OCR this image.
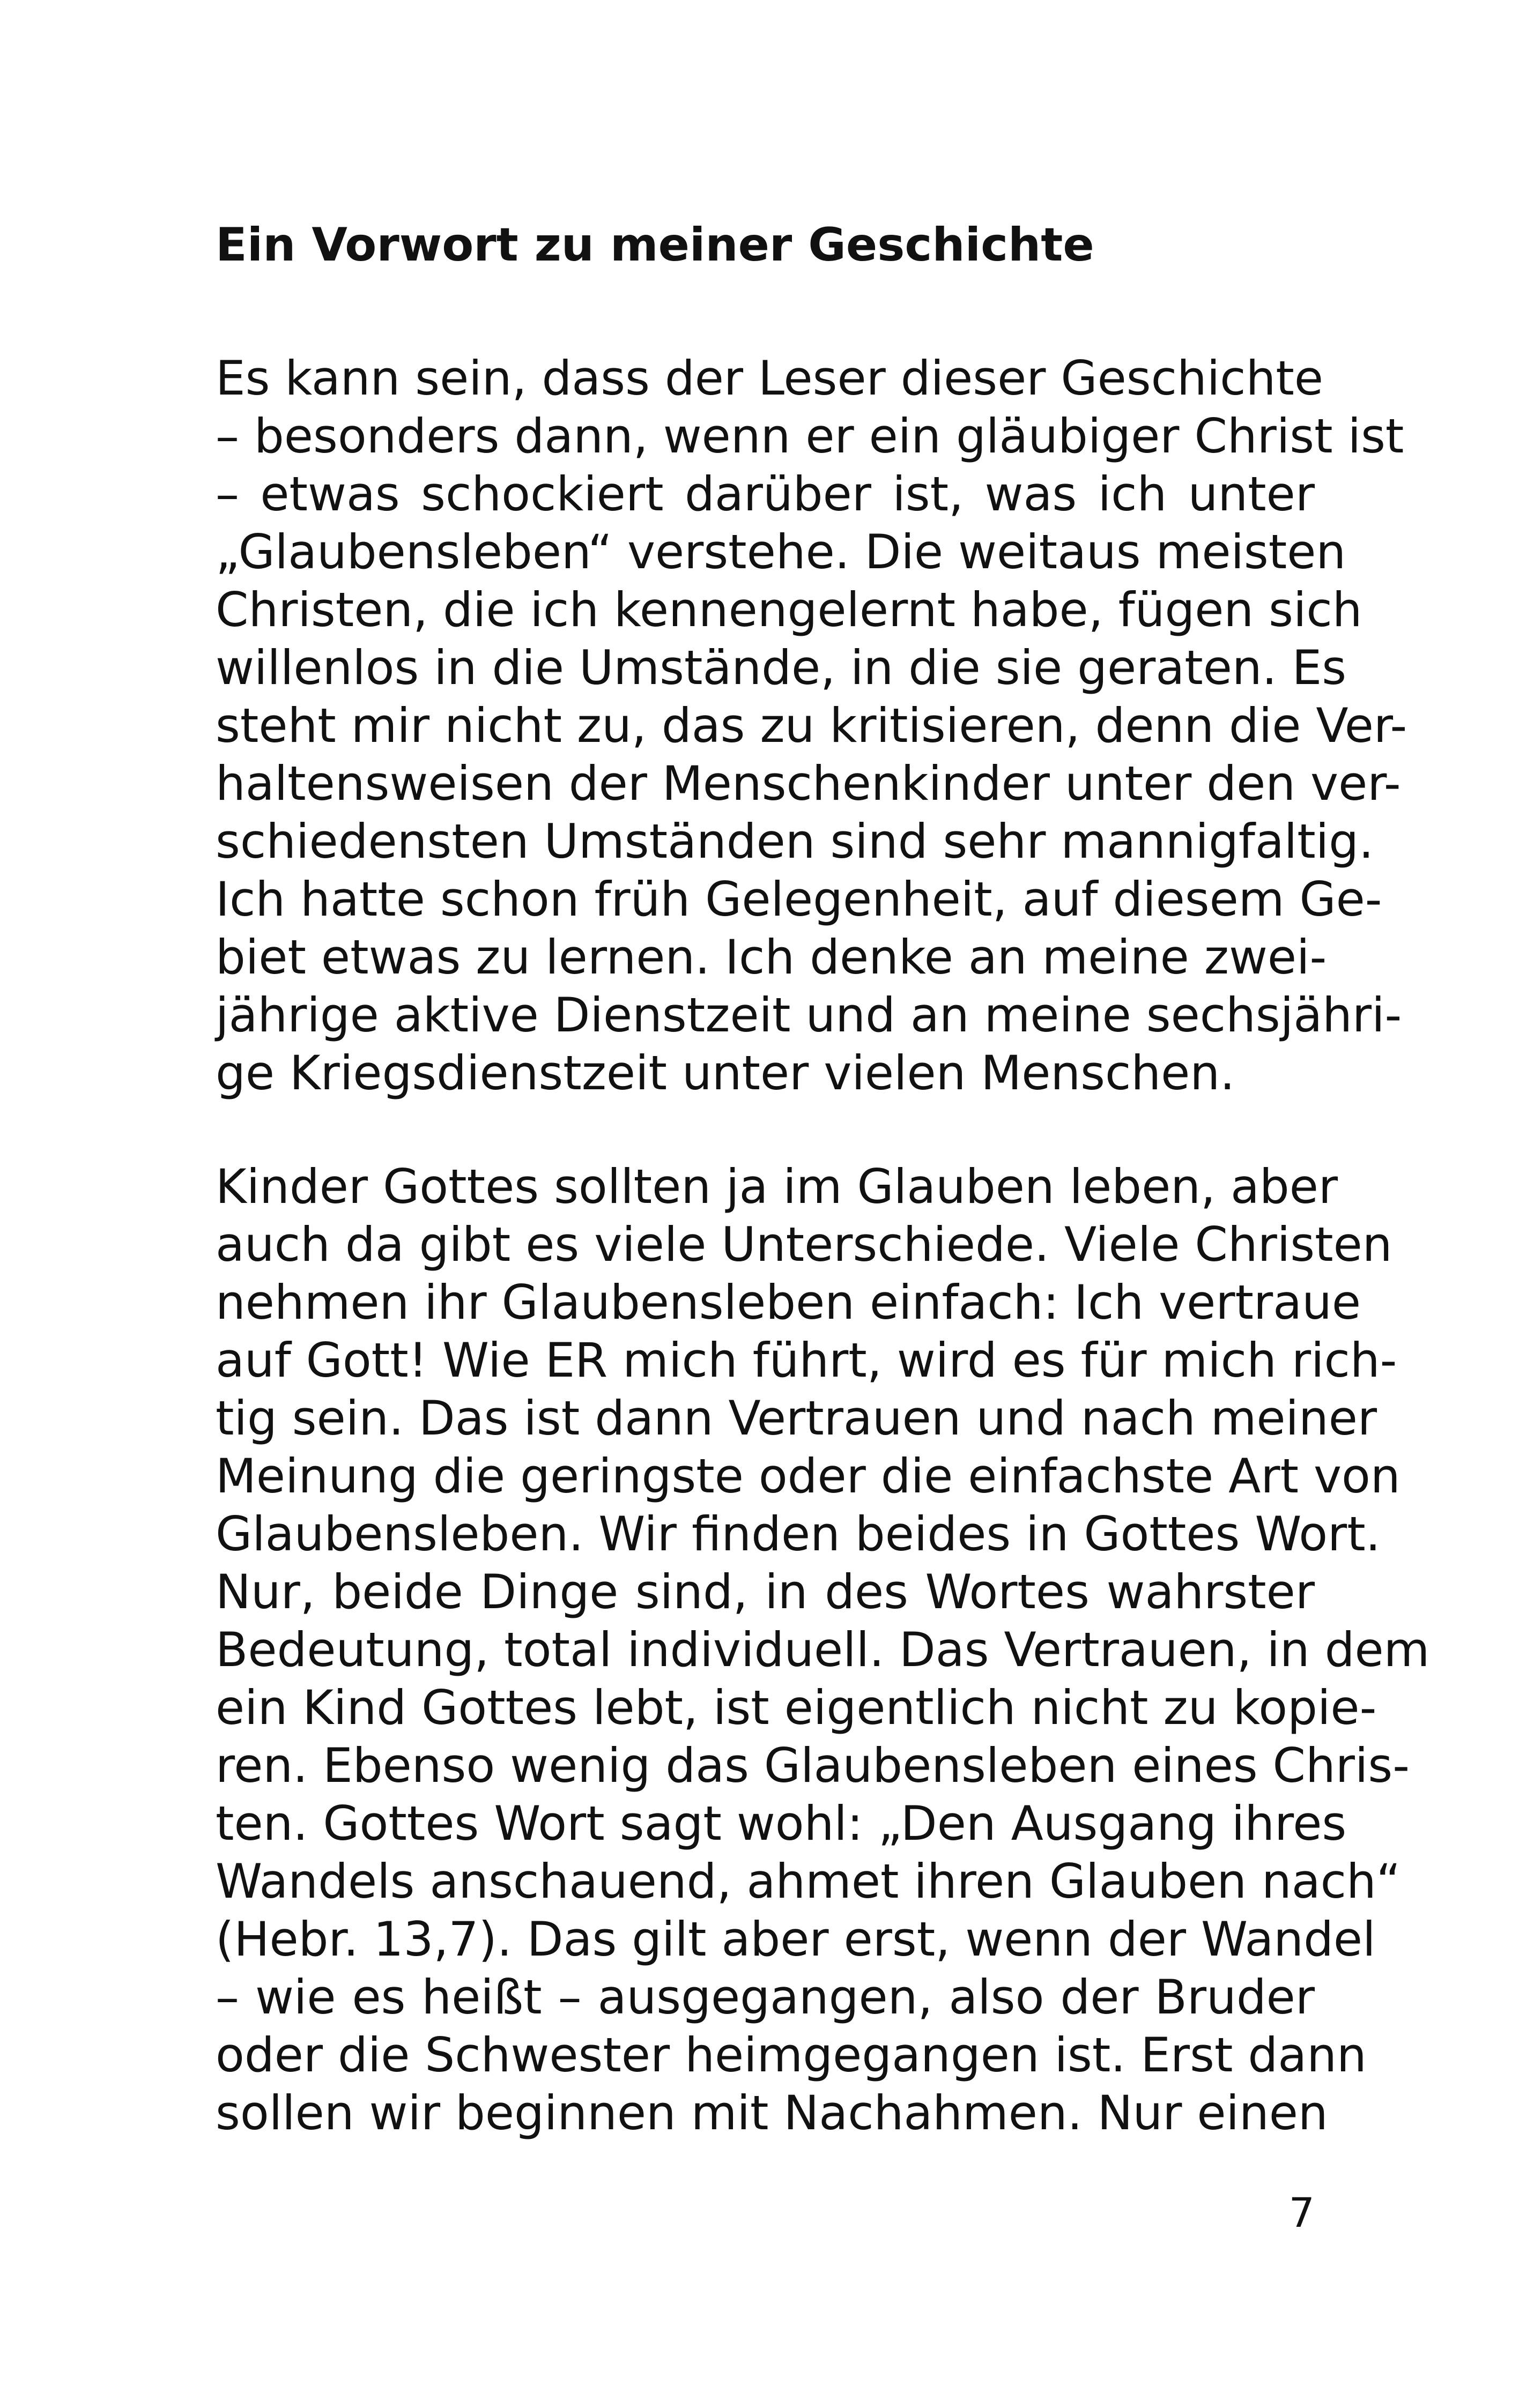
Ein Vorwort zu meiner Geschichte

Es kann sein, dass der Leser dieser Geschichte

– besonders dann, wenn er ein gläubiger Christ ist

– etwas schockiert darüber ist, was ich unter

„Glaubensleben“ verstehe. Die weitaus meisten

Christen, die ich kennengelernt habe, fügen sich

willenlos in die Umstände, in die sie geraten. Es

steht mir nicht zu, das zu kritisieren, denn die Ver-

haltensweisen der Menschenkinder unter den ver-

schiedensten Umständen sind sehr mannigfaltig.

Ich hatte schon früh Gelegenheit, auf diesem Ge-

biet etwas zu lernen. Ich denke an meine zwei-

jährige aktive Dienstzeit und an meine sechsjähri-

ge Kriegsdienstzeit unter vielen Menschen.

Kinder Gottes sollten ja im Glauben leben, aber

auch da gibt es viele Unterschiede. Viele Christen

nehmen ihr Glaubensleben einfach: Ich vertraue

auf Gott! Wie ER mich führt, wird es für mich rich-

tig sein. Das ist dann Vertrauen und nach meiner

Meinung die geringste oder die einfachste Art von

Glaubensleben. Wir finden beides in Gottes Wort.

Nur, beide Dinge sind, in des Wortes wahrster

Bedeutung, total individuell. Das Vertrauen, in dem

ein Kind Gottes lebt, ist eigentlich nicht zu kopie-

ren. Ebenso wenig das Glaubensleben eines Chris-

ten. Gottes Wort sagt wohl: „Den Ausgang ihres

Wandels anschauend, ahmet ihren Glauben nach“

(Hebr. 13,7). Das gilt aber erst, wenn der Wandel

– wie es heißt – ausgegangen, also der Bruder

oder die Schwester heimgegangen ist. Erst dann

sollen wir beginnen mit Nachahmen. Nur einen

7
